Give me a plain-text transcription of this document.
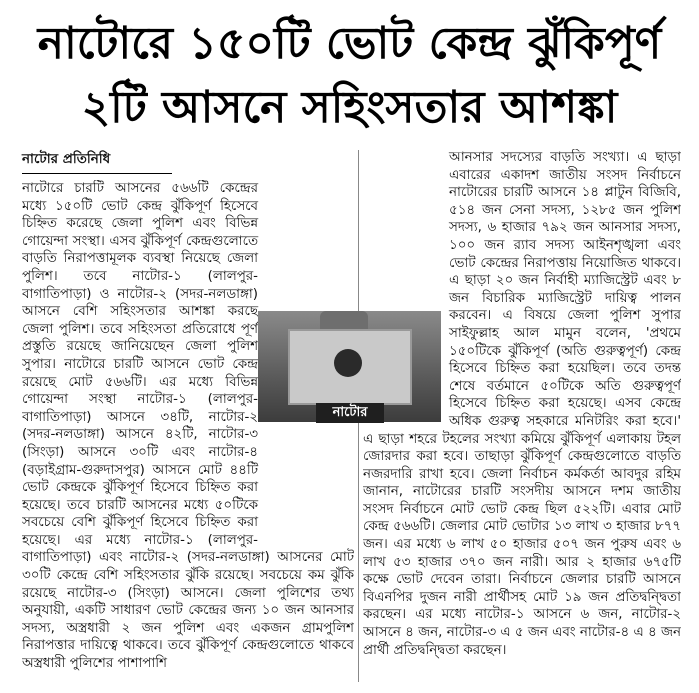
নাটোরে ১৫০টি ভোট কেন্দ্র ঝুঁকিপূর্ণ
২টি আসনে সহিংসতার আশঙ্কা
নাটোর প্রতিনিধি
নাটোরে চারটি আসনের ৫৬৬টি কেন্দ্রের মধ্যে ১৫০টি ভোট কেন্দ্র ঝুঁকিপূর্ণ হিসেবে চিহ্নিত করেছে জেলা পুলিশ এবং বিভিন্ন গোয়েন্দা সংস্থা। এসব ঝুঁকিপূর্ণ কেন্দ্রগুলোতে বাড়তি নিরাপত্তামূলক ব্যবস্থা নিয়েছে জেলা পুলিশ। তবে নাটোর-১ (লালপুর-বাগাতিপাড়া) ও নাটোর-২ (সদর-নলডাঙ্গা) আসনে বেশি সহিংসতার আশঙ্কা করছে জেলা পুলিশ। তবে সহিংসতা প্রতিরোধে পূর্ণ প্রস্তুতি রয়েছে জানিয়েছেন জেলা পুলিশ সুপার। নাটোরে চারটি আসনে ভোট কেন্দ্র রয়েছে মোট ৫৬৬টি। এর মধ্যে বিভিন্ন গোয়েন্দা সংস্থা নাটোর-১ (লালপুর-বাগাতিপাড়া) আসনে ৩৪টি, নাটোর-২ (সদর-নলডাঙ্গা) আসনে ৪২টি, নাটোর-৩ (সিংড়া) আসনে ৩০টি এবং নাটোর-৪ (বড়াইগ্রাম-গুরুদাসপুর) আসনে মোট ৪৪টি ভোট কেন্দ্রকে ঝুঁকিপূর্ণ হিসেবে চিহ্নিত করা হয়েছে। তবে চারটি আসনের মধ্যে ৫০টিকে সবচেয়ে বেশি ঝুঁকিপূর্ণ হিসেবে চিহ্নিত করা হয়েছে। এর মধ্যে নাটোর-১ (লালপুর-বাগাতিপাড়া) এবং নাটোর-২ (সদর-নলডাঙ্গা) আসনের মোট ৩০টি কেন্দ্রে বেশি সহিংসতার ঝুঁকি রয়েছে। সবচেয়ে কম ঝুঁকি রয়েছে নাটোর-৩ (সিংড়া) আসনে। জেলা পুলিশের তথ্য অনুযায়ী, একটি সাধারণ ভোট কেন্দ্রের জন্য ১০ জন আনসার সদস্য, অস্ত্রধারী ২ জন পুলিশ এবং একজন গ্রামপুলিশ নিরাপত্তার দায়িত্বে থাকবে। তবে ঝুঁকিপূর্ণ কেন্দ্রগুলোতে থাকবে অস্ত্রধারী পুলিশের পাশাপাশি
আনসার সদস্যের বাড়তি সংখ্যা। এ ছাড়া এবারের একাদশ জাতীয় সংসদ নির্বাচনে নাটোরের চারটি আসনে ১৪ প্লাটুন বিজিবি, ৫১৪ জন সেনা সদস্য, ১২৮৫ জন পুলিশ সদস্য, ৬ হাজার ৭৯২ জন আনসার সদস্য, ১০০ জন র‍্যাব সদস্য আইনশৃঙ্খলা এবং ভোট কেন্দ্রের নিরাপত্তায় নিয়োজিত থাকবে। এ ছাড়া ২০ জন নির্বাহী ম্যাজিস্ট্রেট এবং ৮ জন বিচারিক ম্যাজিস্ট্রেট দায়িত্ব পালন করবেন। এ বিষয়ে জেলা পুলিশ সুপার সাইফুল্লাহ আল মামুন বলেন, 'প্রথমে ১৫০টিকে ঝুঁকিপূর্ণ (অতি গুরুত্বপূর্ণ) কেন্দ্র হিসেবে চিহ্নিত করা হয়েছিল। তবে তদন্ত শেষে বর্তমানে ৫০টিকে অতি গুরুত্বপূর্ণ হিসেবে চিহ্নিত করা হয়েছে। এসব কেন্দ্রে অধিক গুরুত্ব সহকারে মনিটরিং করা হবে।' এ ছাড়া শহরে টহলের সংখ্যা কমিয়ে ঝুঁকিপূর্ণ এলাকায় টহল জোরদার করা হবে। তাছাড়া ঝুঁকিপূর্ণ কেন্দ্রগুলোতে বাড়তি নজরদারি রাখা হবে। জেলা নির্বাচন কর্মকর্তা আবদুর রহিম জানান, নাটোরের চারটি সংসদীয় আসনে দশম জাতীয় সংসদ নির্বাচনে মোট ভোট কেন্দ্র ছিল ৫২২টি। এবার মোট কেন্দ্র ৫৬৬টি। জেলার মোট ভোটার ১৩ লাখ ৩ হাজার ৮৭৭ জন। এর মধ্যে ৬ লাখ ৫০ হাজার ৫০৭ জন পুরুষ এবং ৬ লাখ ৫৩ হাজার ৩৭০ জন নারী। আর ২ হাজার ৬৭৫টি কক্ষে ভোট দেবেন তারা। নির্বাচনে জেলার চারটি আসনে বিএনপির দুজন নারী প্রার্থীসহ মোট ১৯ জন প্রতিদ্বন্দ্বিতা করছেন। এর মধ্যে নাটোর-১ আসনে ৬ জন, নাটোর-২ আসনে ৪ জন, নাটোর-৩ এ ৫ জন এবং নাটোর-৪ এ ৪ জন প্রার্থী প্রতিদ্বন্দ্বিতা করছেন।
নাটোর
